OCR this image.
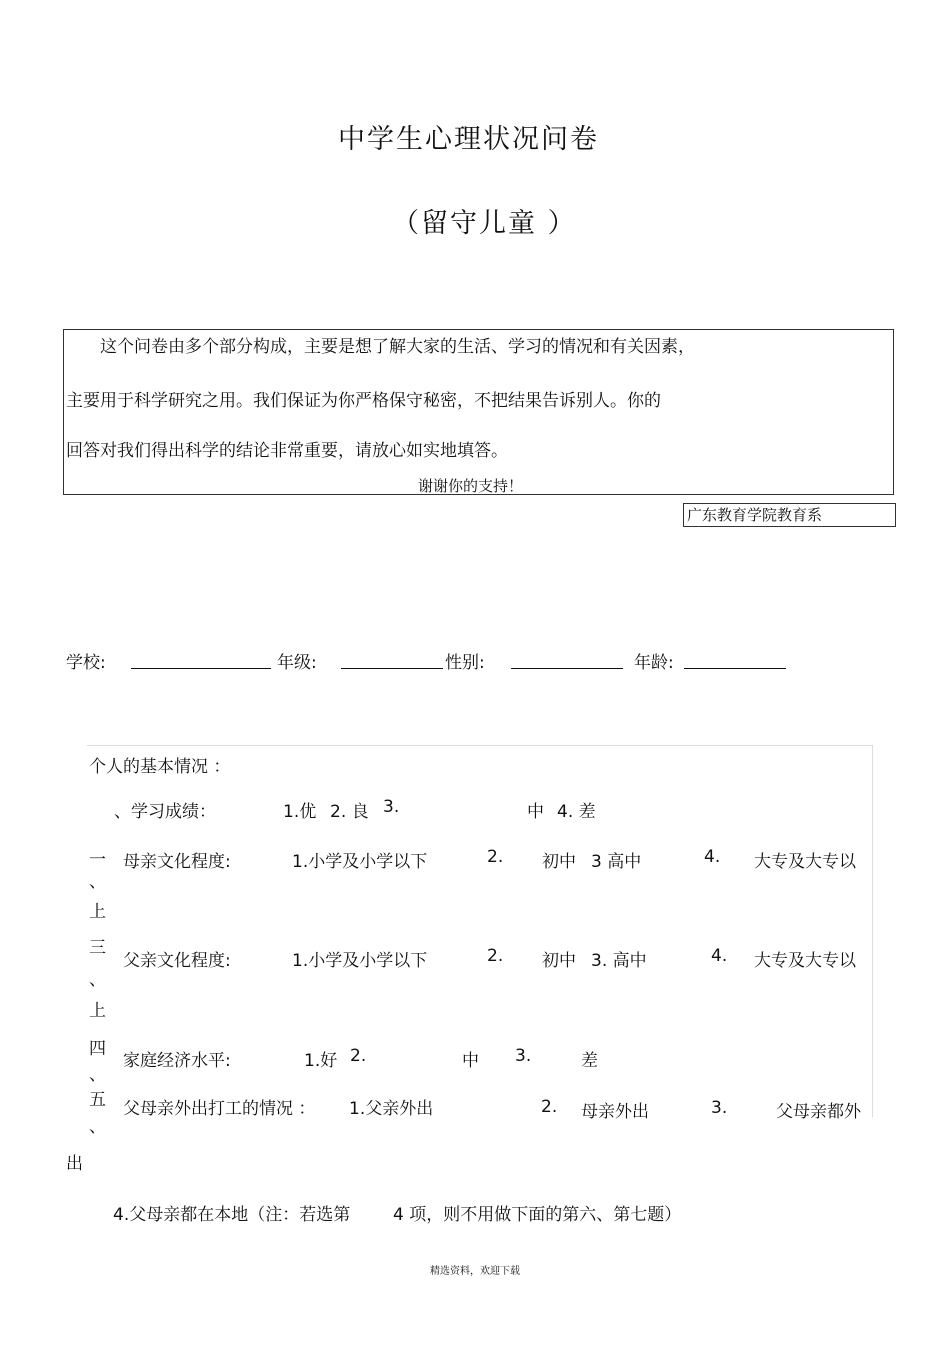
中学生心理状况问卷
（留守儿童 ）
这个问卷由多个部分构成，主要是想了解大家的生活、学习的情况和有关因素，
主要用于科学研究之用。我们保证为你严格保守秘密，不把结果告诉别人。你的
回答对我们得出科学的结论非常重要，请放心如实地填答。
谢谢你的支持！
广东教育学院教育系
学校:	年级:	性别:	年龄:
个人的基本情况 ：
、学习成绩：	1.优 2. 良 3.	中 4. 差
一
、
上
母亲文化程度:	1.小学及小学以下	2. 初中 3 高中	4. 大专及大专以
三
、
上
父亲文化程度:	1.小学及小学以下	2. 初中 3. 高中	4. 大专及大专以
四
、
家庭经济水平:	1.好 2.	中 3.	差
五
、
父母亲外出打工的情况 ： 1.父亲外出	2. 母亲外出	3.	父母亲都外
出
4.父母亲都在本地（注：若选第	4 项，则不用做下面的第六、第七题）
精选资料，欢迎下载
